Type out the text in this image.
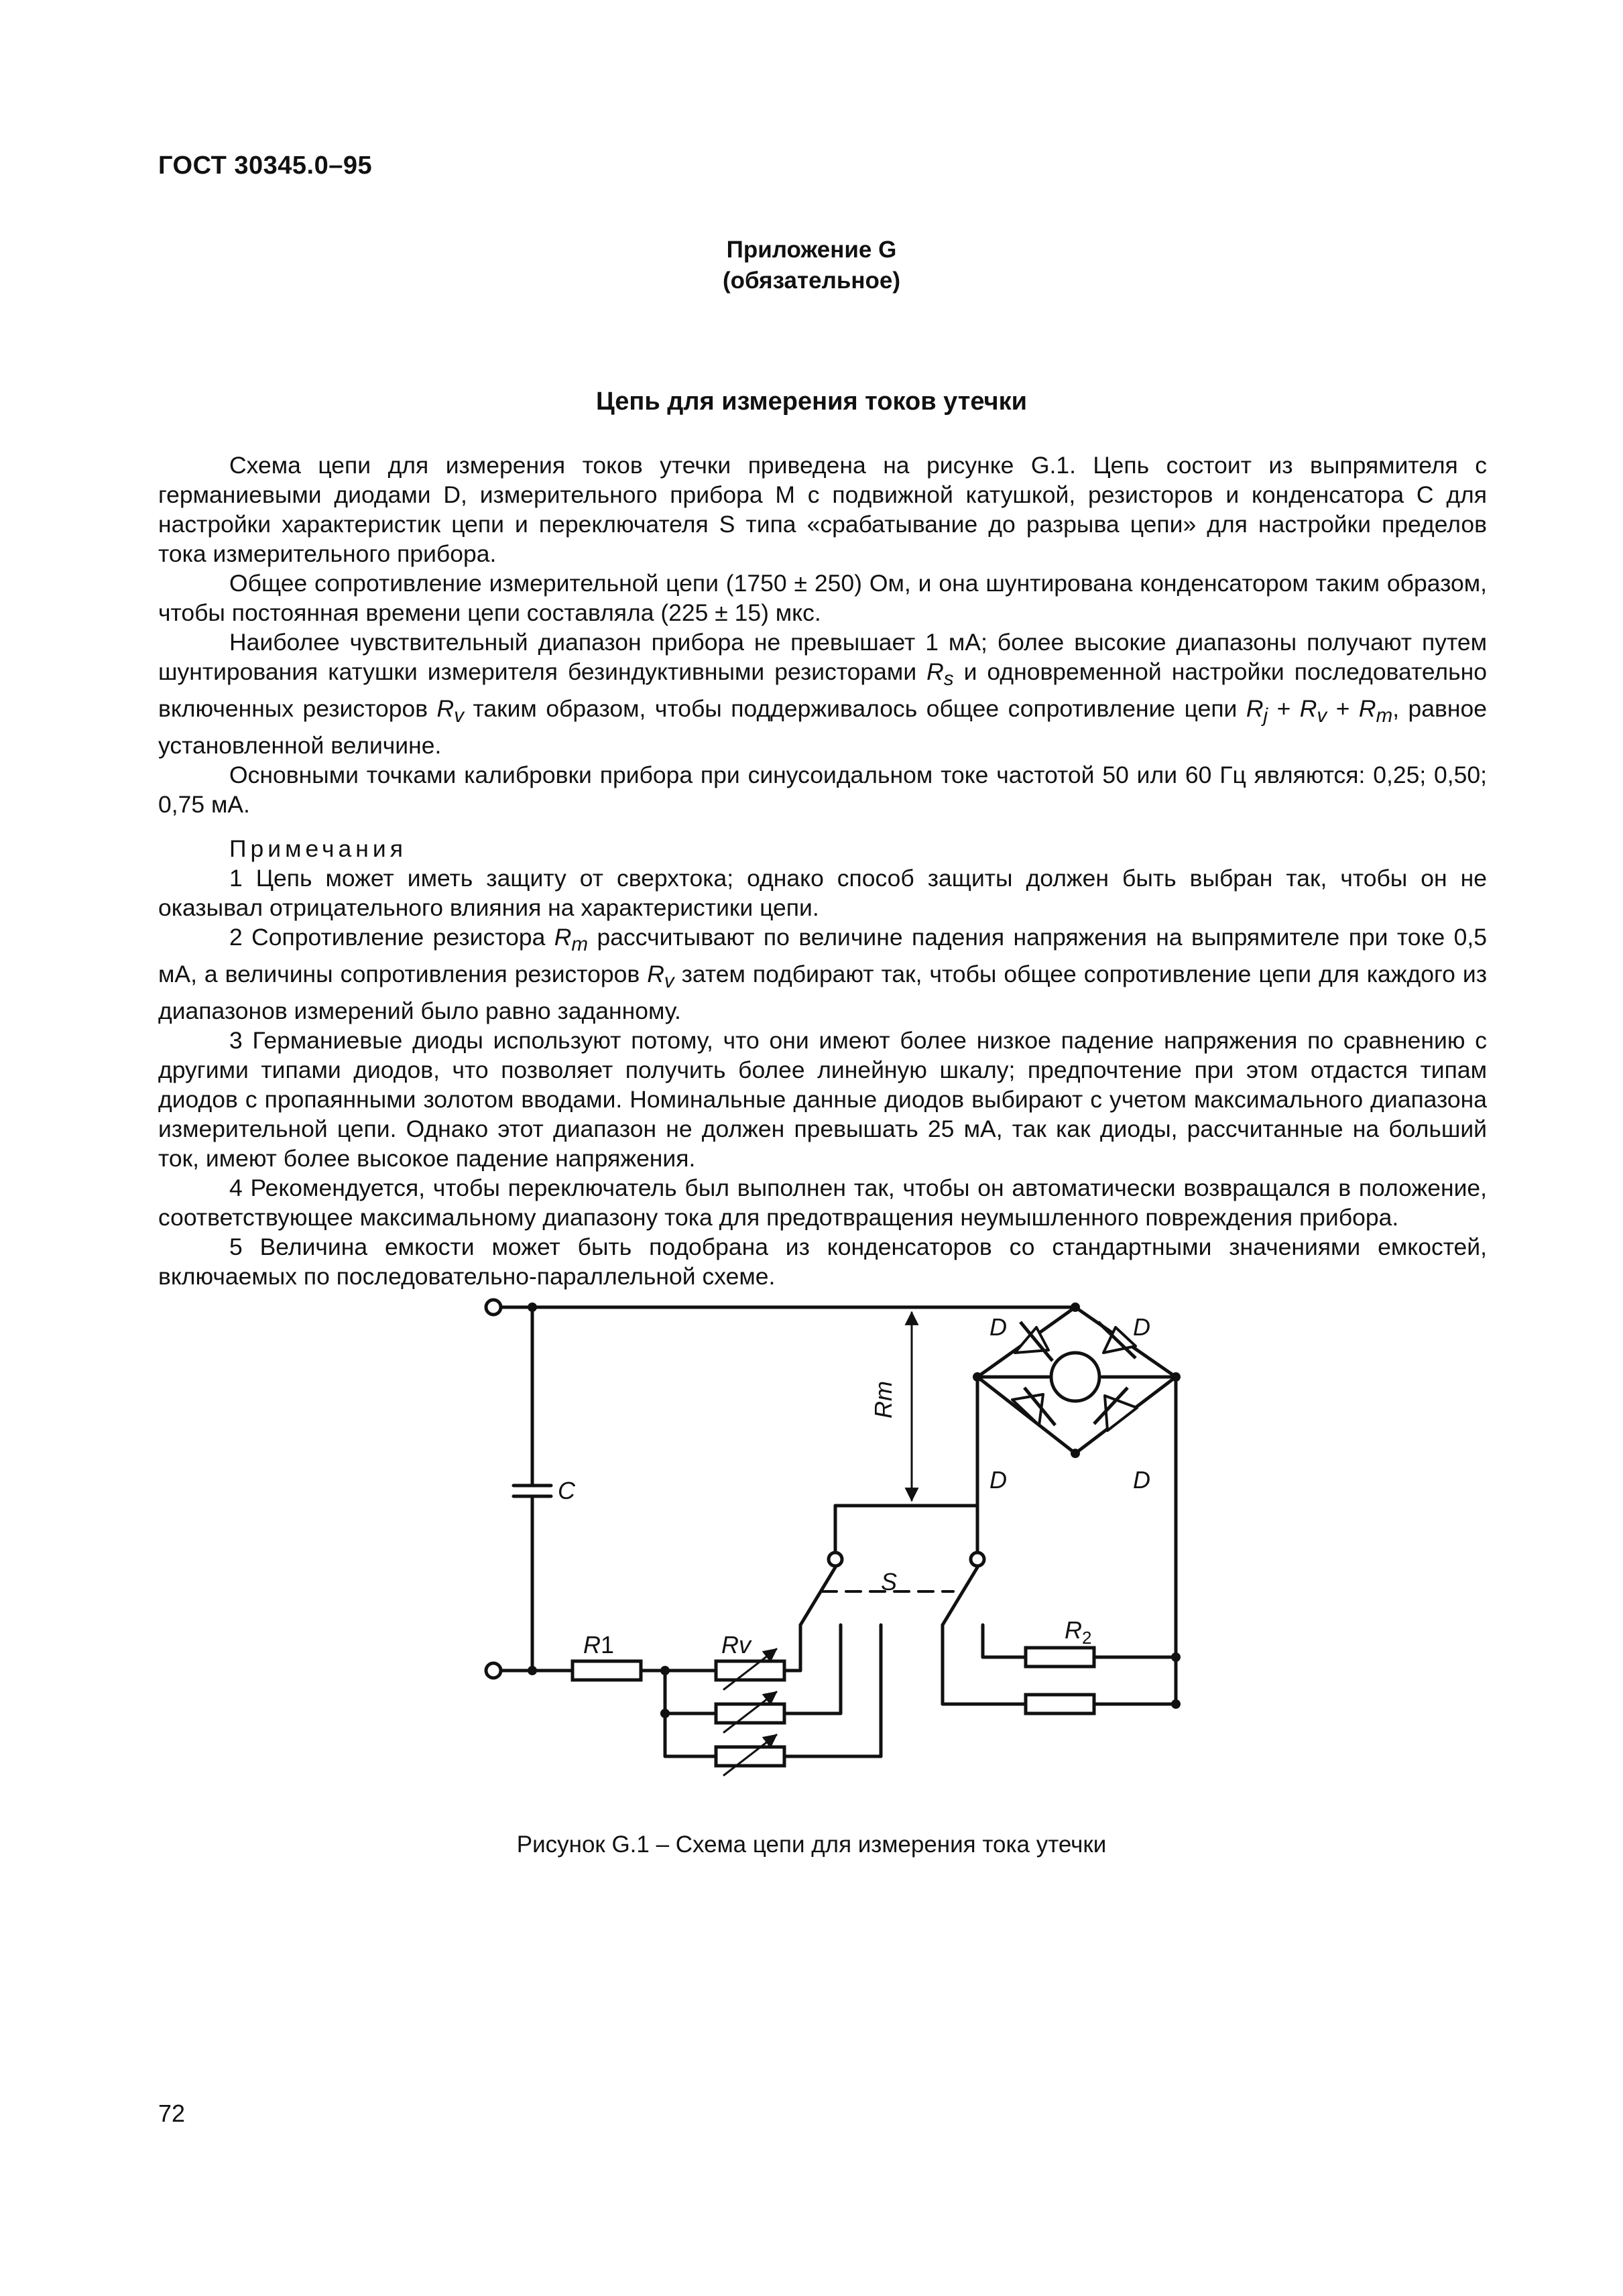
ГОСТ 30345.0–95
Приложение G
(обязательное)
Цепь для измерения токов утечки

Схема цепи для измерения токов утечки приведена на рисунке G.1. Цепь состоит из выпрямителя с германиевыми диодами D, измерительного прибора M с подвижной катушкой, резисторов и конденсатора C для настройки характеристик цепи и переключателя S типа «срабатывание до разрыва цепи» для настройки пределов тока измерительного прибора.

Общее сопротивление измерительной цепи (1750 ± 250) Ом, и она шунтирована конденсатором таким образом, чтобы постоянная времени цепи составляла (225 ± 15) мкс.

Наиболее чувствительный диапазон прибора не превышает 1 мА; более высокие диапазоны получают путем шунтирования катушки измерителя безиндуктивными резисторами $R_s$ и одновременной настройки последовательно включенных резисторов $R_v$ таким образом, чтобы поддерживалось общее сопротивление цепи $R_j + R_v + R_m$, равное установленной величине.

Основными точками калибровки прибора при синусоидальном токе частотой 50 или 60 Гц являются: 0,25; 0,50; 0,75 мА.

Примечания

1 Цепь может иметь защиту от сверхтока; однако способ защиты должен быть выбран так, чтобы он не оказывал отрицательного влияния на характеристики цепи.

2 Сопротивление резистора $R_m$ рассчитывают по величине падения напряжения на выпрямителе при токе 0,5 мА, а величины сопротивления резисторов $R_v$ затем подбирают так, чтобы общее сопротивление цепи для каждого из диапазонов измерений было равно заданному.

3 Германиевые диоды используют потому, что они имеют более низкое падение напряжения по сравнению с другими типами диодов, что позволяет получить более линейную шкалу; предпочтение при этом отдастся типам диодов с пропаянными золотом вводами. Номинальные данные диодов выбирают с учетом максимального диапазона измерительной цепи. Однако этот диапазон не должен превышать 25 мА, так как диоды, рассчитанные на больший ток, имеют более высокое падение напряжения.

4 Рекомендуется, чтобы переключатель был выполнен так, чтобы он автоматически возвращался в положение, соответствующее максимальному диапазону тока для предотвращения неумышленного повреждения прибора.

5 Величина емкости может быть подобрана из конденсаторов со стандартными значениями емкостей, включаемых по последовательно-параллельной схеме.

C
Rm
D	D
D	D
S
R1	Rv
$R_2$
Рисунок G.1 – Схема цепи для измерения тока утечки
72
